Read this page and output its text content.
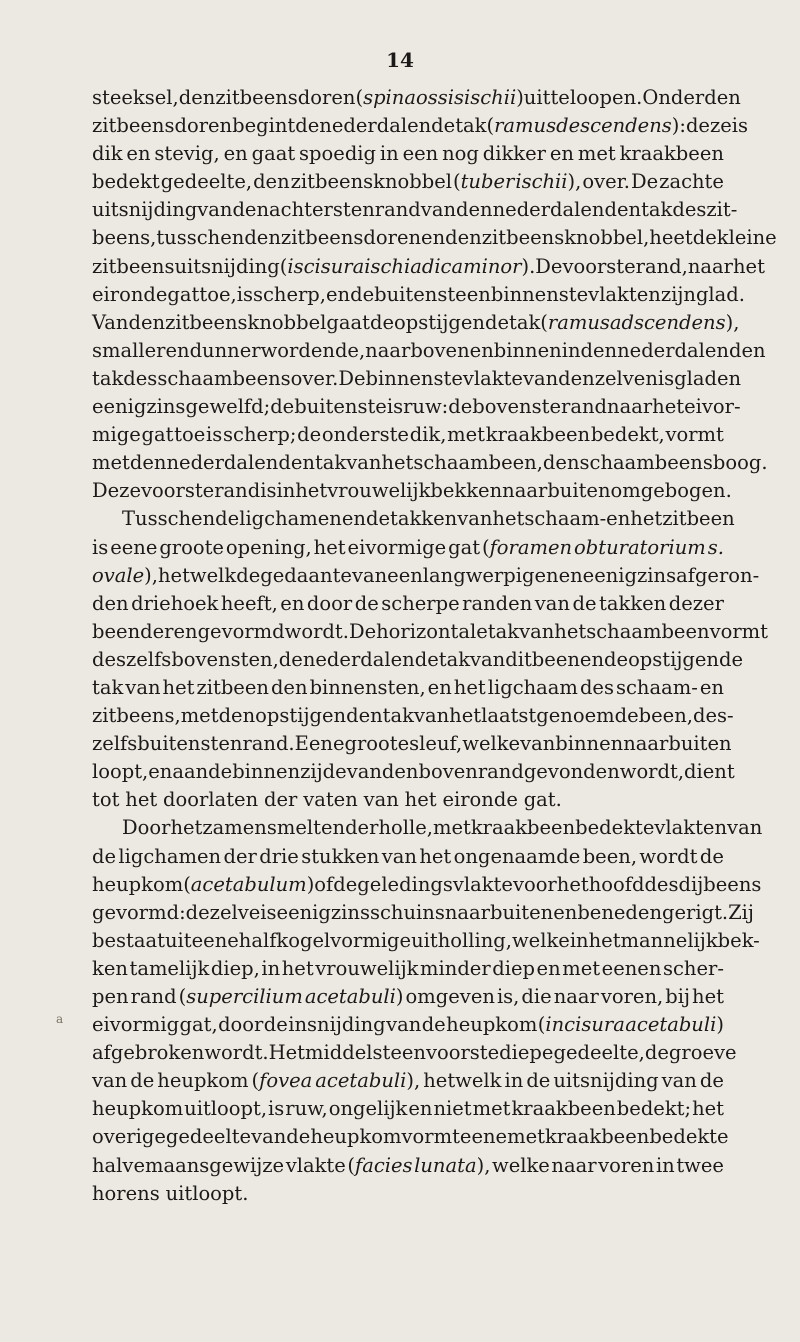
14
a
steeksel, den zitbeensdoren (spina ossis ischii) uit te loopen. Onder den
zitbeensdoren begint de nederdalende tak (ramus descendens): deze is
dik en stevig, en gaat spoedig in een nog dikker en met kraakbeen
bedekt gedeelte, den zitbeensknobbel (tuber ischii), over. De zachte
uitsnijding van den achtersten rand van den nederdalenden tak des zit-
beens, tusschen den zitbeensdoren en den zitbeensknobbel, heet de kleine
zitbeensuitsnijding (iscisura ischiadica minor). De voorste rand, naar het
eironde gat toe, is scherp, en de buitenste en binnenste vlakten zijn glad.
Van den zitbeensknobbel gaat de opstijgende tak (ramus adscendens),
smaller en dunner wordende, naar boven en binnen in den nederdalenden
tak des schaambeens over. De binnenste vlakte van denzelven is glad en
eenigzins gewelfd; de buitenste is ruw: de bovenste rand naar het eivor-
mige gat toe is scherp; de onderste dik, met kraakbeen bedekt, vormt
met den nederdalenden tak van het schaambeen, den schaambeensboog.
Deze voorste rand is in het vrouwelijk bekken naar buiten omgebogen.
Tusschen de ligchamen en de takken van het schaam- en het zitbeen
is eene groote opening, het eivormige gat (foramen obturatorium s.
ovale), hetwelk de gedaante van een langwerpigen en eenigzins afgeron-
den driehoek heeft, en door de scherpe randen van de takken dezer
beenderen gevormd wordt. De horizontale tak van het schaambeen vormt
deszelfs bovensten, de nederdalende tak van dit been en de opstijgende
tak van het zitbeen den binnensten, en het ligchaam des schaam- en
zitbeens, met den opstijgenden tak van het laatstgenoemde been, des-
zelfs buitensten rand. Eene groote sleuf, welke van binnen naar buiten
loopt, en aan de binnenzijde van den bovenrand gevonden wordt, dient
tot het doorlaten der vaten van het eironde gat.
Door het zamensmelten der holle, met kraakbeen bedekte vlakten van
de ligchamen der drie stukken van het ongenaamde been, wordt de
heupkom (acetabulum) of de geledingsvlakte voor het hoofd des dijbeens
gevormd: dezelve is eenigzins schuins naar buiten en beneden gerigt. Zij
bestaat uit eene halfkogelvormige uitholling, welke in het mannelijk bek-
ken tamelijk diep, in het vrouwelijk minder diep en met eenen scher-
pen rand (supercilium acetabuli) omgeven is, die naar voren, bij het
eivormig gat, door de insnijding van de heupkom (incisura acetabuli)
afgebroken wordt. Het middelste en voorste diepe gedeelte, de groeve
van de heupkom (fovea acetabuli), hetwelk in de uitsnijding van de
heupkom uitloopt, is ruw, ongelijk en niet met kraakbeen bedekt; het
overige gedeelte van de heupkom vormt eene met kraakbeen bedekte
halvemaansgewijze vlakte (facies lunata), welke naar voren in twee
horens uitloopt.
